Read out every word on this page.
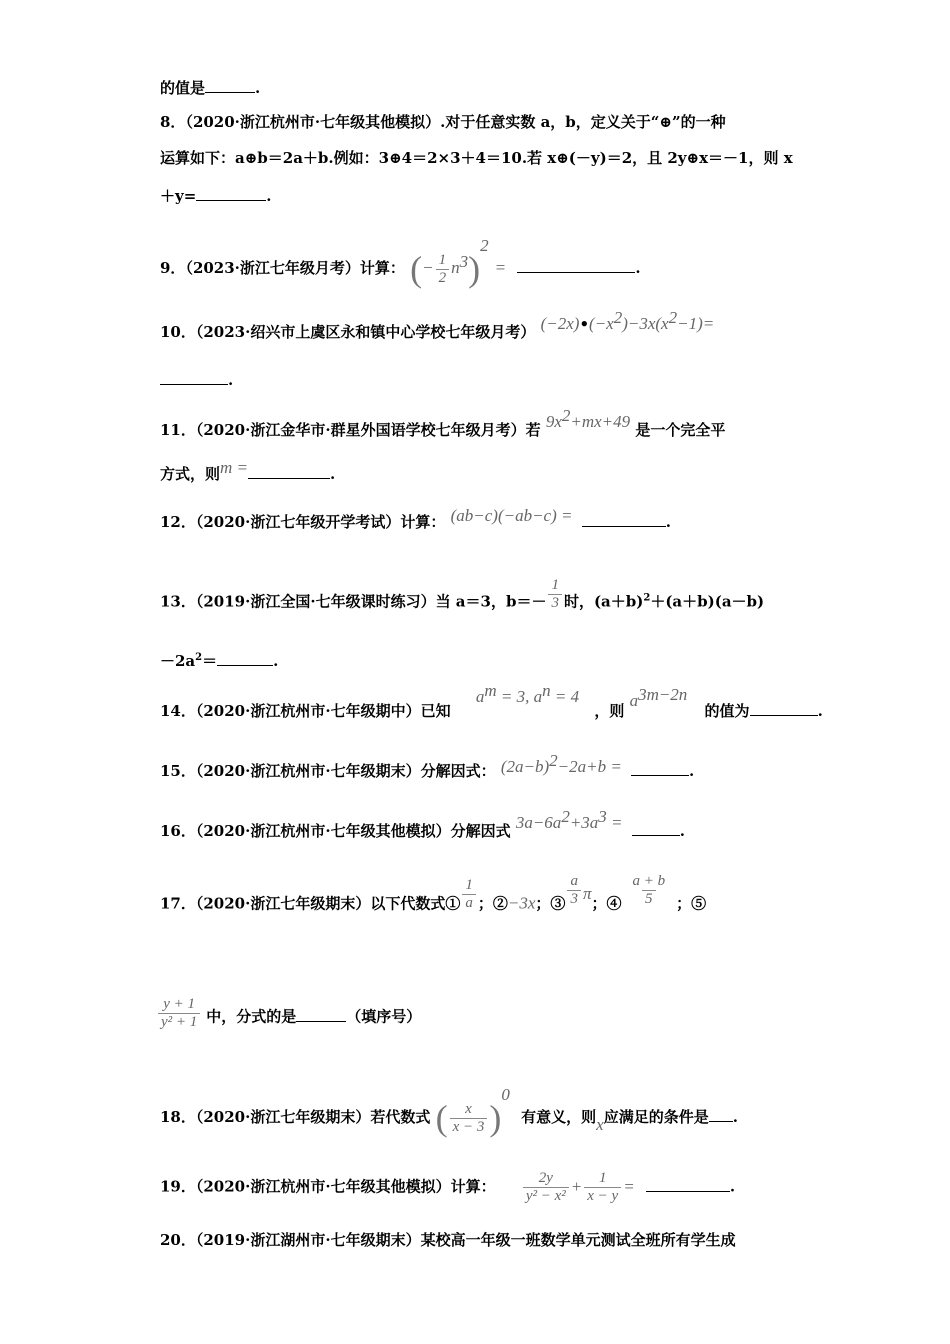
的值是	.
8．（2020·浙江杭州市·七年级其他模拟）.对于任意实数 a，b，定义关于“⊕”的一种
运算如下：a⊕b＝2a＋b.例如：3⊕4＝2×3＋4＝10.若 x⊕(－y)＝2，且 2y⊕x＝－1，则 x
＋y=	.
9．（2023·浙江七年级月考）计算： (− $\frac{1}{2} n^3)^2=$	.
10．（2023·绍兴市上虞区永和镇中心学校七年级月考） $(-2x)•(-x^2)-3x(x^2-1)=$
.
11．（2020·浙江金华市·群星外国语学校七年级月考）若 $9x^2+mx+49$ 是一个完全平
方式，则m =	.
12．（2020·浙江七年级开学考试）计算： (ab−c)(−ab−c) =	.
13．（2019·浙江全国·七年级课时练习）当 a＝3，$b=- \frac{1}{3}$ 时，$(a+b)^2+(a+b)(a-b)$
$-2a^2=$	.
14．（2020·浙江杭州市·七年级期中）已知 $a^m = 3$, $a^n = 4$ ，则 $a^{3m-2n}$ 的值为	.
15．（2020·浙江杭州市·七年级期末）分解因式： $(2a-b)^2-2a+b$ =	.
16．（2020·浙江杭州市·七年级其他模拟）分解因式 $3a-6a^2+3a^3$ =	.
17．（2020·浙江七年级期末）以下代数式① $\frac{1}{a}$ ；②−3x；③ $\frac{a}{3}$ π；④ $\frac{a + b}{5}$ ；⑤
$\frac{y + 1}{\text{y² + 1}}$ 中，分式的是	（填序号）
18．（2020·浙江七年级期末）若代数式 ( $\frac{x}{x - 3} )^0$ 有意义，则x应满足的条件是 .
19．（2020·浙江杭州市·七年级其他模拟）计算： $\frac{2y}{\text{y² − x²}} + \frac{1}{x - y}$ =	.
20．（2019·浙江湖州市·七年级期末）某校高一年级一班数学单元测试全班所有学生成
